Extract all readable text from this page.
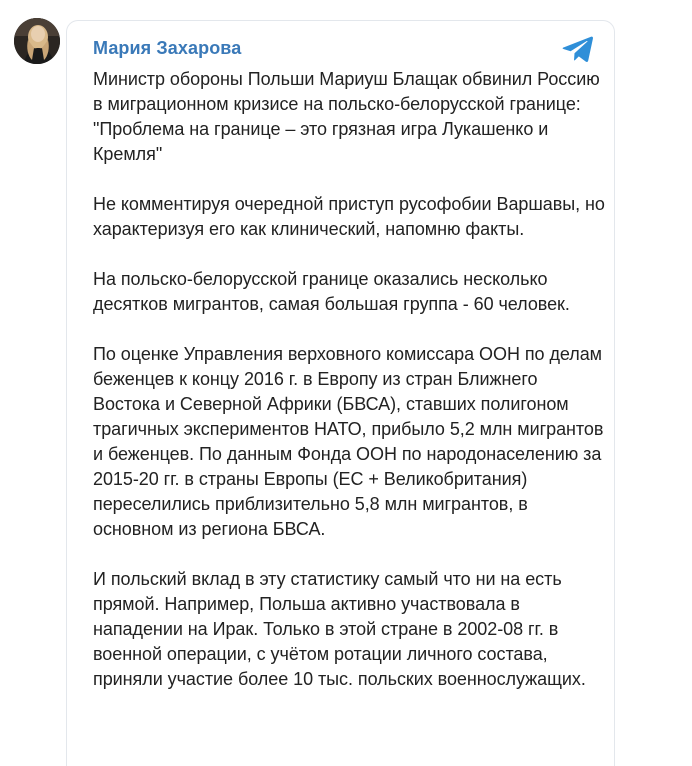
Мария Захарова

Министр обороны Польши Мариуш Блащак обвинил Россию в миграционном кризисе на польско-белорусской границе: "Проблема на границе – это грязная игра Лукашенко и Кремля"

Не комментируя очередной приступ русофобии Варшавы, но характеризуя его как клинический, напомню факты.

На польско-белорусской границе оказались несколько десятков мигрантов, самая большая группа - 60 человек.

По оценке Управления верховного комиссара ООН по делам беженцев к концу 2016 г. в Европу из стран Ближнего Востока и Северной Африки (БВСА), ставших полигоном трагичных экспериментов НАТО, прибыло 5,2 млн мигрантов и беженцев. По данным Фонда ООН по народонаселению за 2015-20 гг. в страны Европы (ЕС + Великобритания) переселились приблизительно 5,8 млн мигрантов, в основном из региона БВСА.

И польский вклад в эту статистику самый что ни на есть прямой. Например, Польша активно участвовала в нападении на Ирак. Только в этой стране в 2002-08 гг. в военной операции, с учётом ротации личного состава, приняли участие более 10 тыс. польских военнослужащих.
